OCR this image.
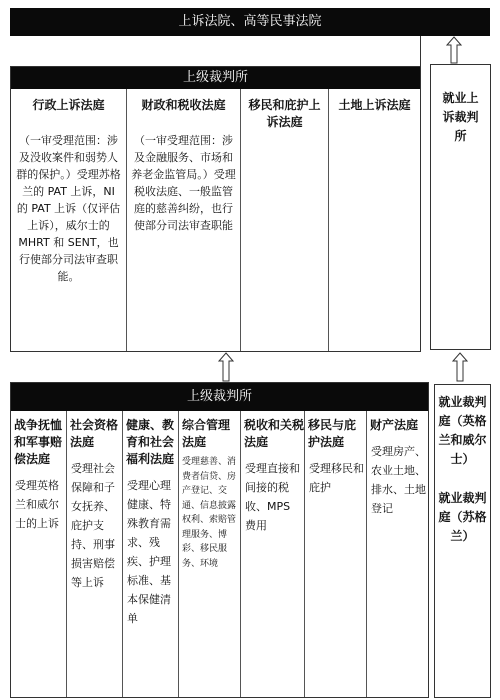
上诉法院、高等民事法院
上级裁判所
行政上诉法庭
（一审受理范围：涉及没收案件和弱势人群的保护。）受理苏格兰的 PAT 上诉，NI 的 PAT 上诉（仅评估上诉），威尔士的 MHRT 和 SENT，也行使部分司法审查职能。
财政和税收法庭
（一审受理范围：涉及金融服务、市场和养老金监管局。）受理税收法庭、一般监管庭的慈善纠纷，也行使部分司法审查职能
移民和庇护上诉法庭
土地上诉法庭	就业上诉裁判所
上级裁判所
战争抚恤和军事赔偿法庭
受理英格兰和威尔士的上诉
社会资格法庭
受理社会保障和子女抚养、庇护支持、刑事损害赔偿等上诉
健康、教育和社会福利法庭
受理心理健康、特殊教育需求、残疾、护理标准、基本保健清单
综合管理法庭
受理慈善、消费者信贷、房产登记、交通、信息披露权利、索赔管理服务、博彩、移民服务、环境
税收和关税法庭
受理直接和间接的税收、MPS 费用
移民与庇护法庭
受理移民和庇护
财产法庭
受理房产、农业土地、排水、土地登记
就业裁判庭（英格兰和威尔士）
就业裁判庭（苏格兰）
